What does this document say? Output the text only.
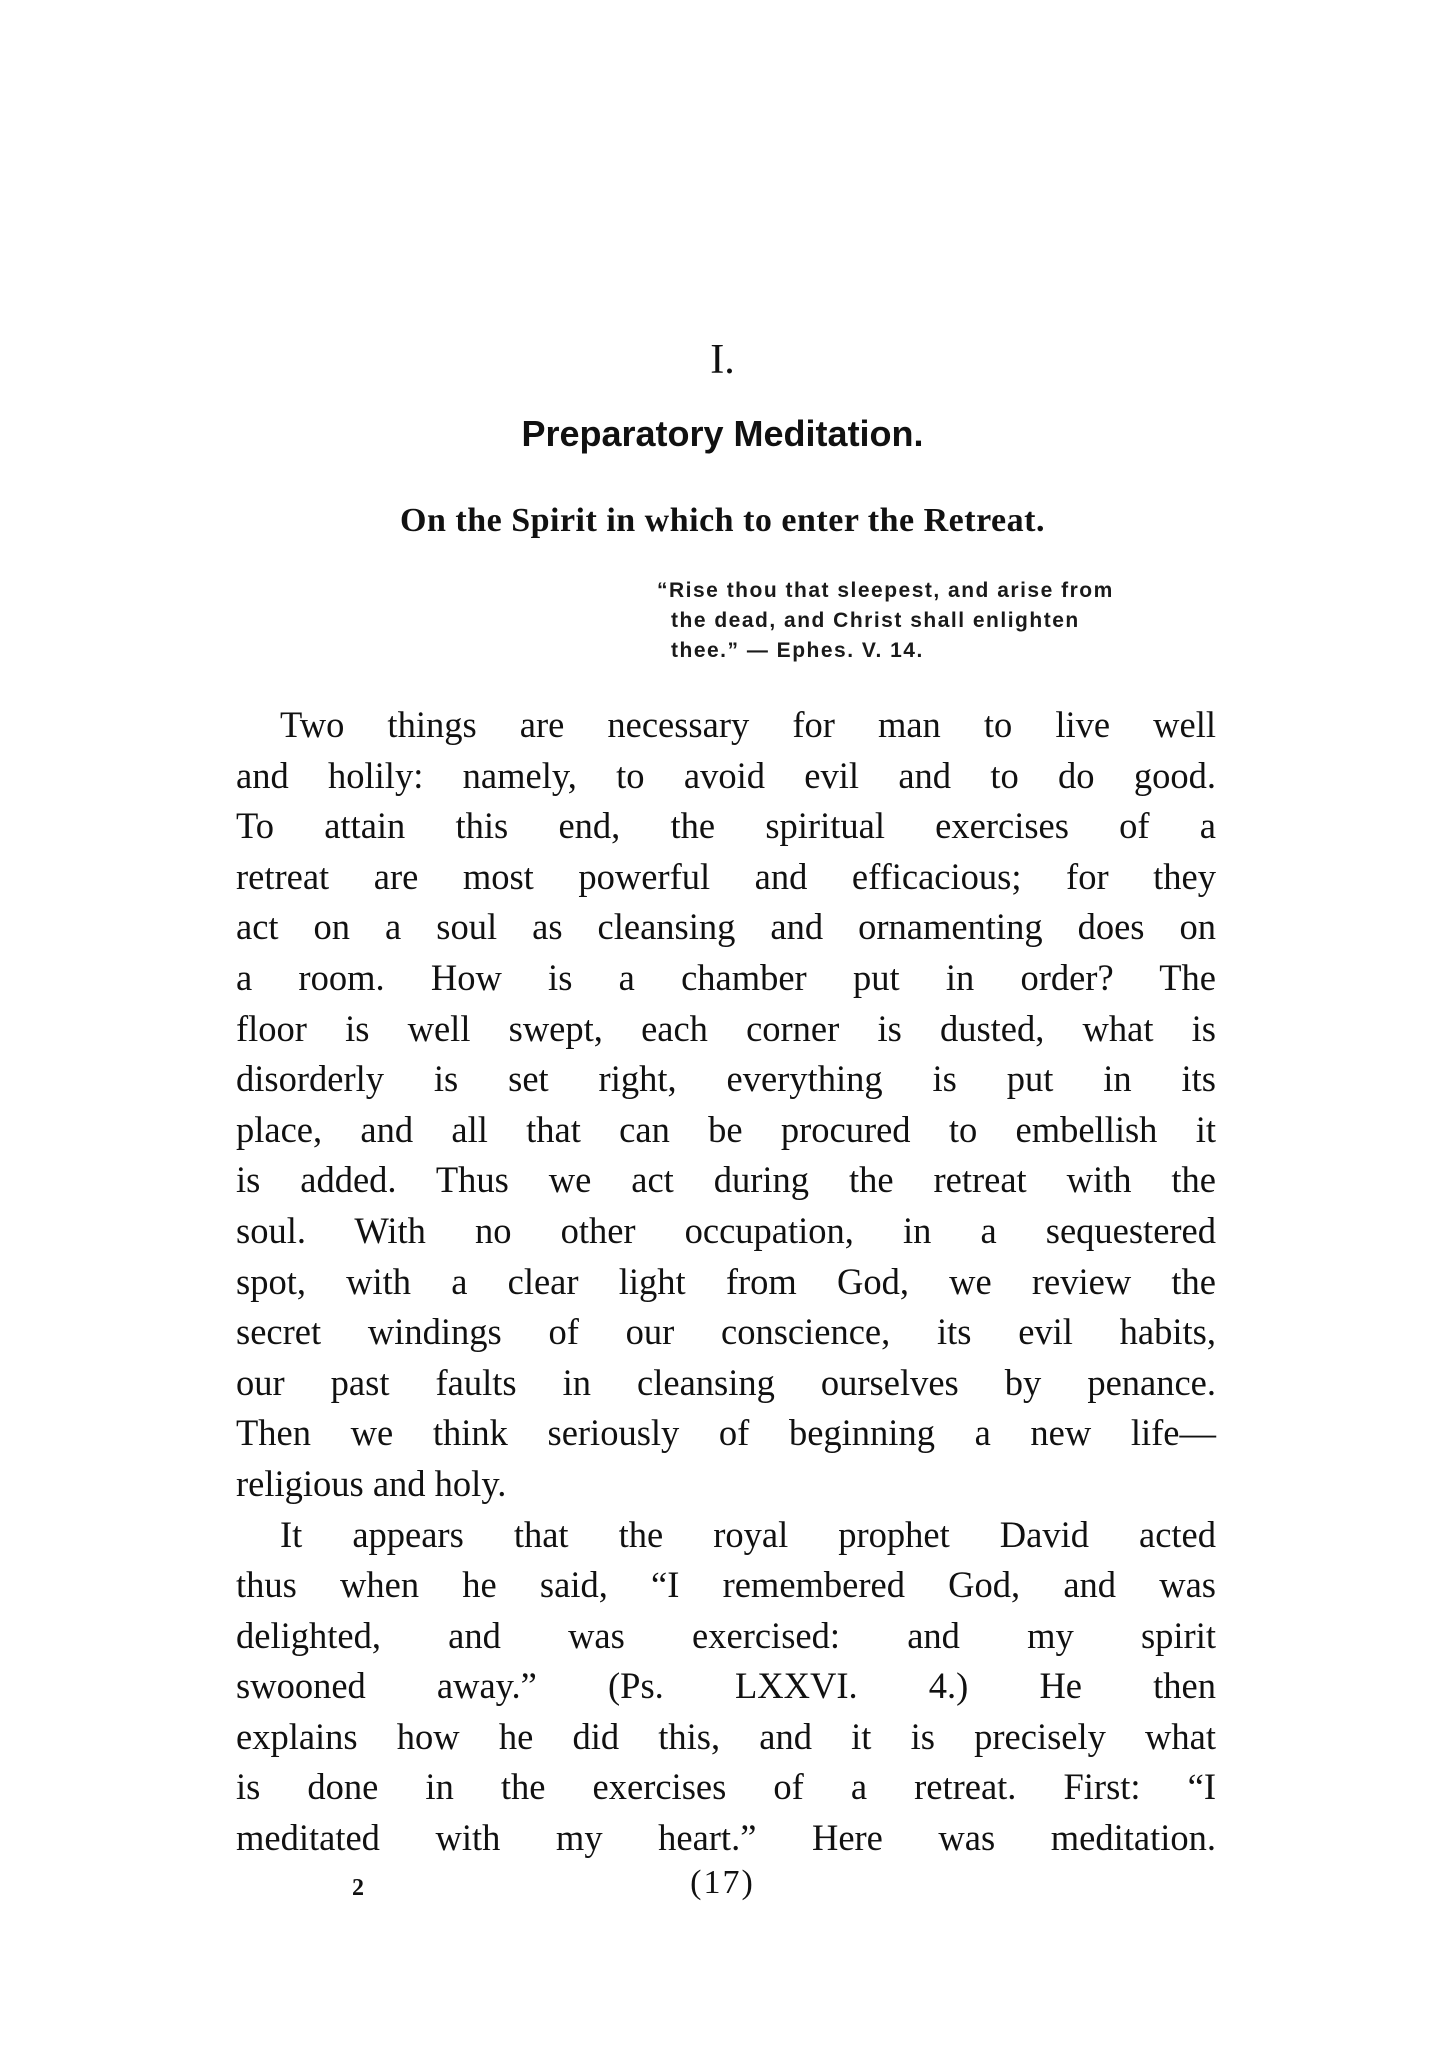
I.
Preparatory Meditation.
On the Spirit in which to enter the Retreat.
“Rise thou that sleepest, and arise from
the dead, and Christ shall enlighten
thee.” — Ephes. V. 14.
Two things are necessary for man to live well
and holily: namely, to avoid evil and to do good.
To attain this end, the spiritual exercises of a
retreat are most powerful and efficacious; for they
act on a soul as cleansing and ornamenting does on
a room. How is a chamber put in order? The
floor is well swept, each corner is dusted, what is
disorderly is set right, everything is put in its
place, and all that can be procured to embellish it
is added. Thus we act during the retreat with the
soul. With no other occupation, in a sequestered
spot, with a clear light from God, we review the
secret windings of our conscience, its evil habits,
our past faults in cleansing ourselves by penance.
Then we think seriously of beginning a new life—
religious and holy.
It appears that the royal prophet David acted
thus when he said, “I remembered God, and was
delighted, and was exercised: and my spirit
swooned away.” (Ps. LXXVI. 4.) He then
explains how he did this, and it is precisely what
is done in the exercises of a retreat. First: “I
meditated with my heart.” Here was meditation.
2	(17)
